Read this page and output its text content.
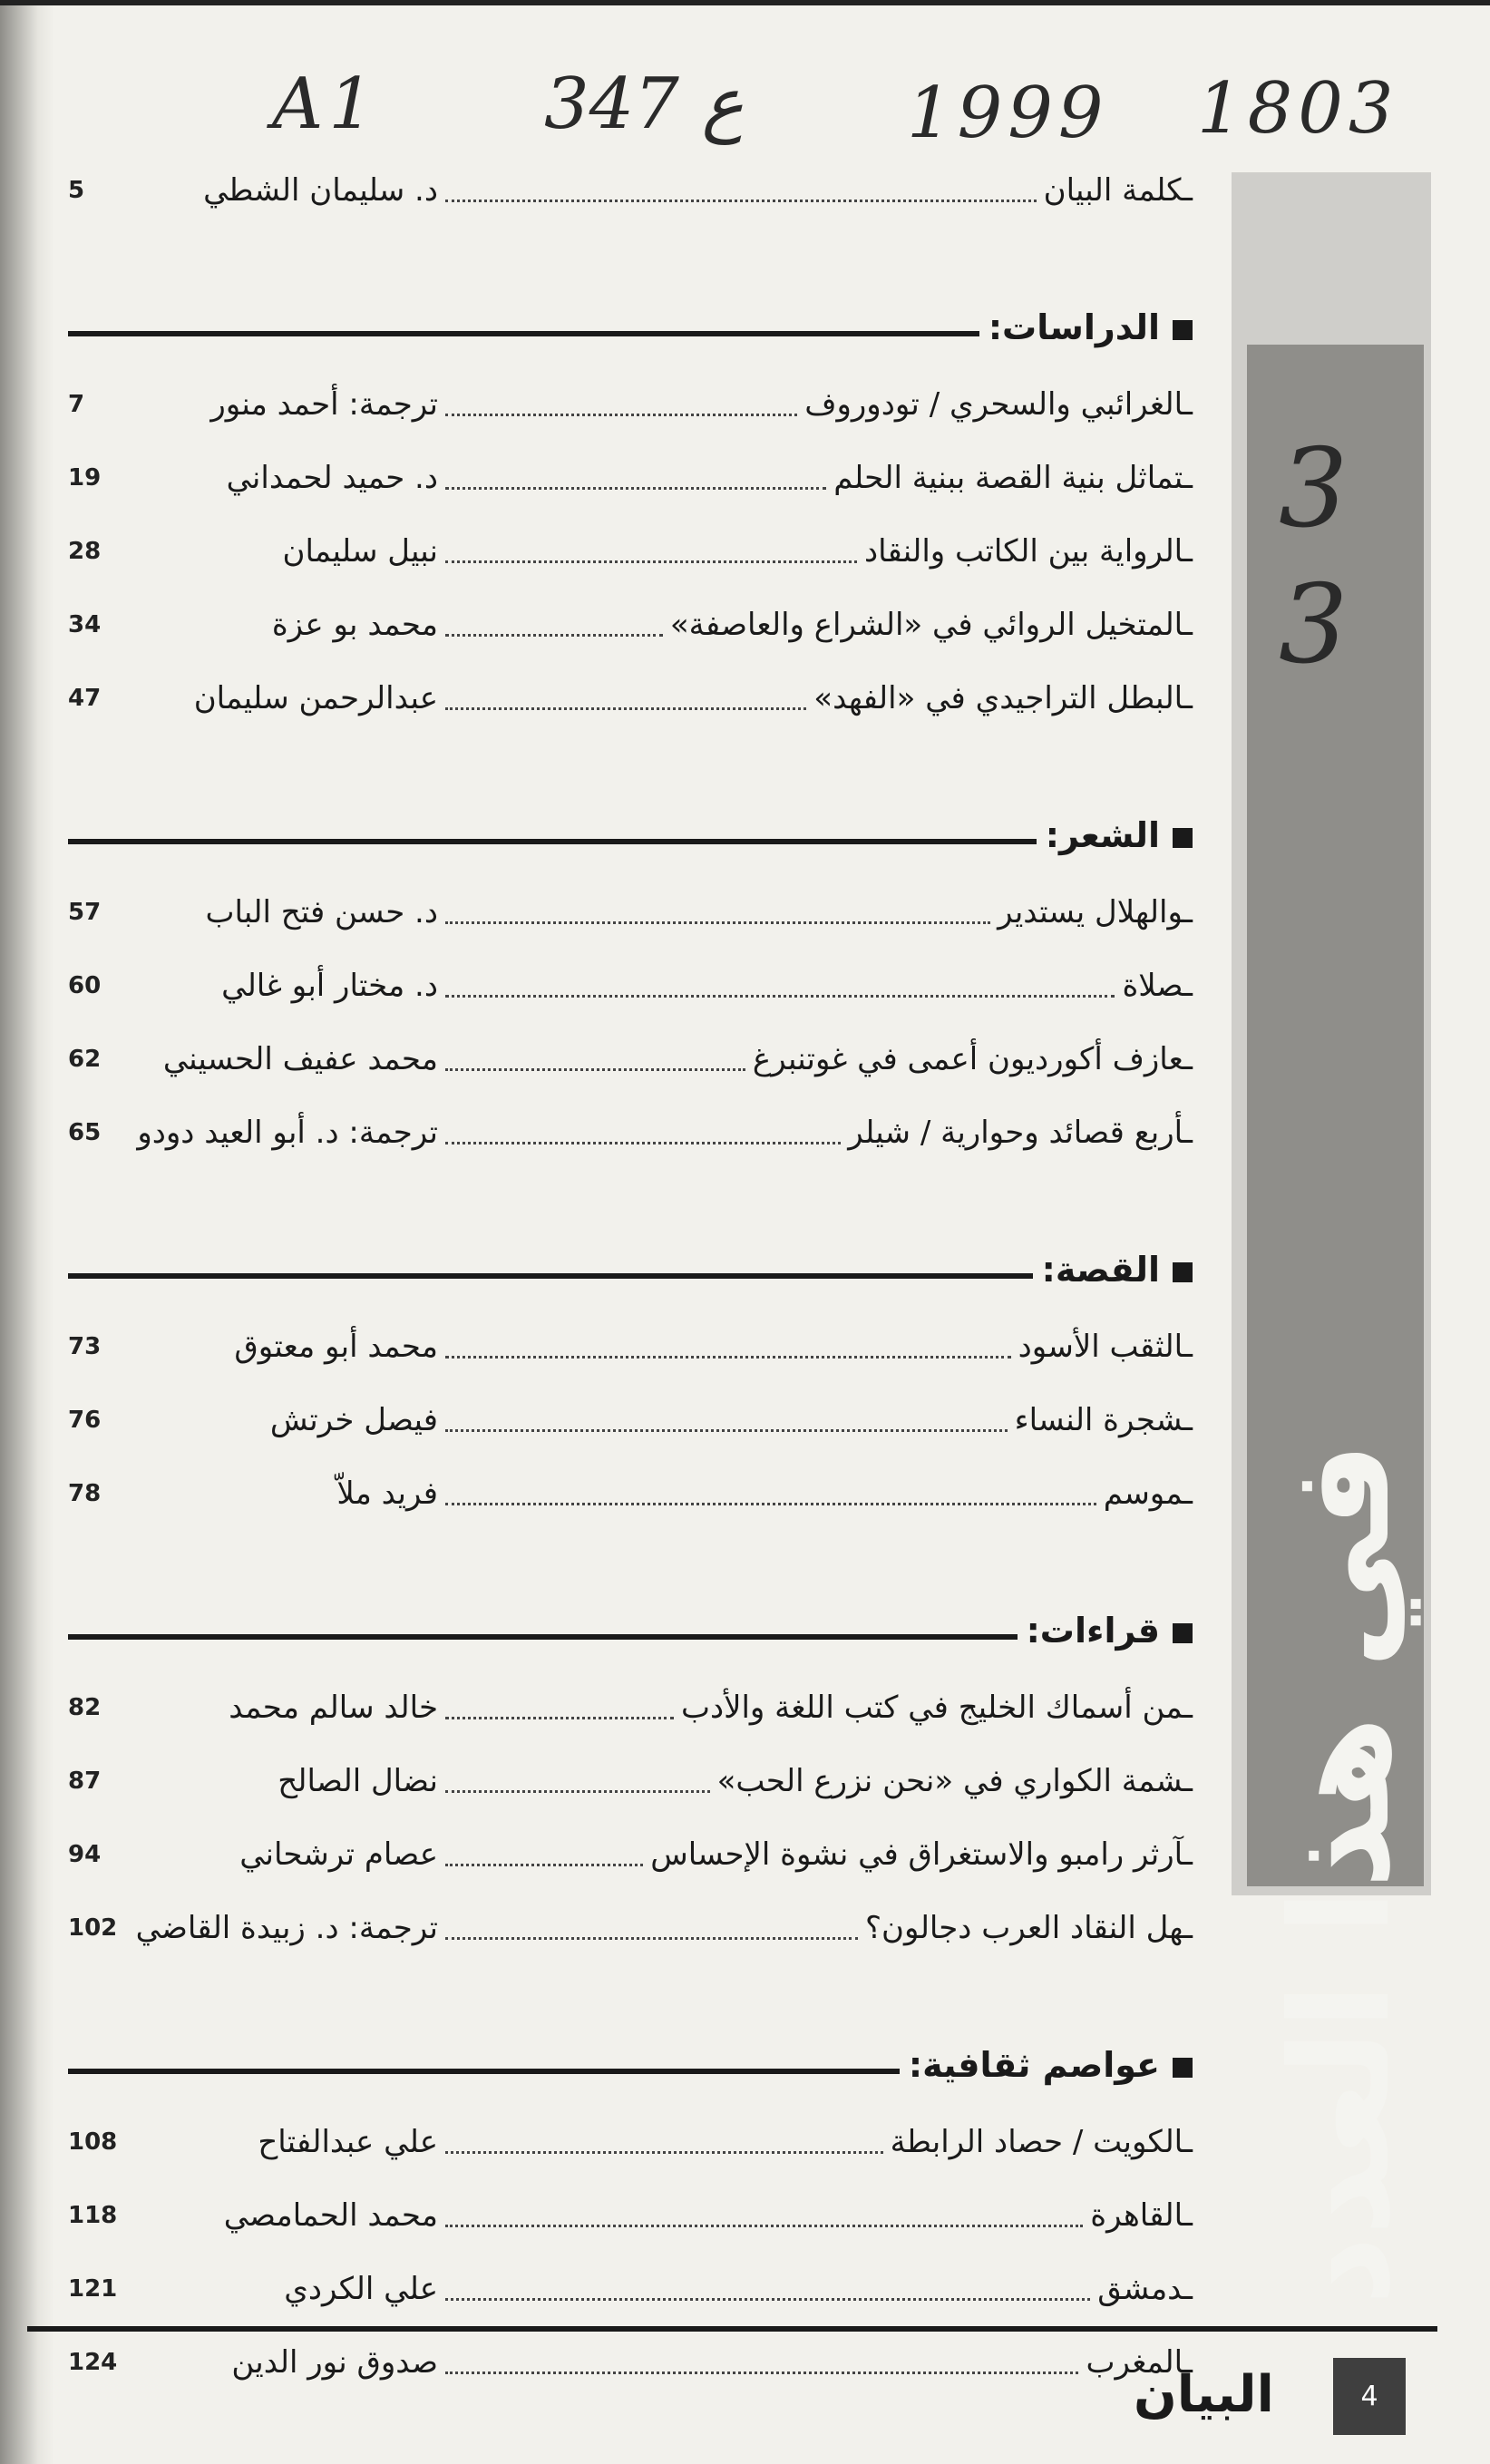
A1 347 ع 1999 1803
3
3
5	د. سليمان الشطي	ـكلمة البيان
الدراسات:
7	ترجمة: أحمد منور	ـالغرائبي والسحري / تودوروف
19	د. حميد لحمداني	ـتماثل بنية القصة ببنية الحلم
28	نبيل سليمان	ـالرواية بين الكاتب والنقاد
34	محمد بو عزة	ـالمتخيل الروائي في «الشراع والعاصفة»
47	عبدالرحمن سليمان	ـالبطل التراجيدي في «الفهد»
الشعر:
57	د. حسن فتح الباب	ـوالهلال يستدير
60	د. مختار أبو غالي	ـصلاة
62	محمد عفيف الحسيني	ـعازف أكورديون أعمى في غوتنبرغ
65	ترجمة: د. أبو العيد دودو	ـأربع قصائد وحوارية / شيلر
القصة:
73	محمد أبو معتوق	ـالثقب الأسود
76	فيصل خرتش	ـشجرة النساء
78	فريد ملاّ	ـموسم
قراءات:
82	خالد سالم محمد	ـمن أسماك الخليج في كتب اللغة والأدب
87	نضال الصالح	ـشمة الكواري في «نحن نزرع الحب»
94	عصام ترشحاني	ـآرثر رامبو والاستغراق في نشوة الإحساس
102 ترجمة: د. زبيدة القاضي	ـهل النقاد العرب دجالون؟
عواصم ثقافية:
108	علي عبدالفتاح	ـالكويت / حصاد الرابطة
118	محمد الحمامصي	ـالقاهرة
121	علي الكردي	ـدمشق
124	صدوق نور الدين	ـالمغرب
البيان	4
